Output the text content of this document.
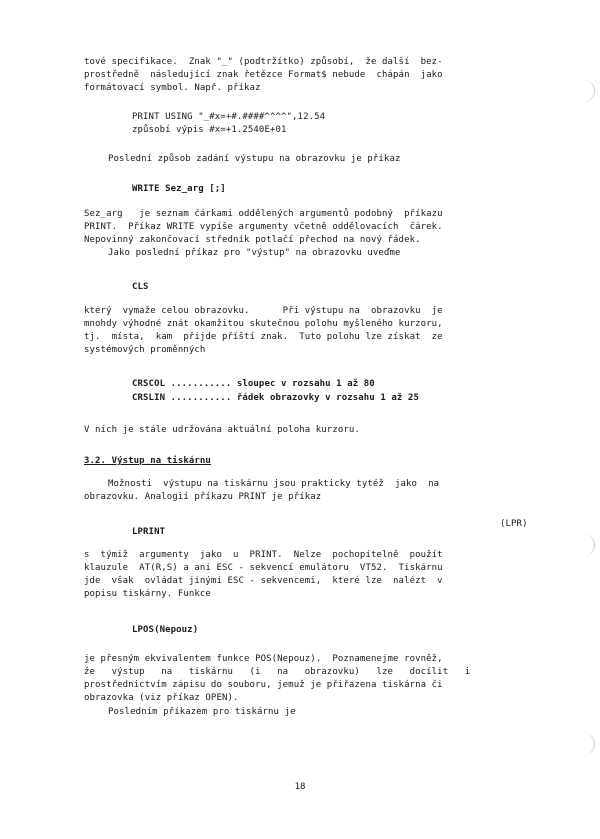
tové specifikace.  Znak "_" (podtržítko) způsobí,  že další  bez-
prostředně  následující znak řetězce Format$ nebude  chápán  jako
formátovací symbol. Např. příkaz
PRINT USING "_#x=+#.####^^^^",12.54
způsobí výpis #x=+1.2540E+01
Poslední způsob zadání výstupu na obrazovku je příkaz
WRITE Sez_arg [;]
Sez_arg   je seznam čárkami oddělených argumentů podobný  příkazu
PRINT.  Příkaz WRITE vypíše argumenty včetně oddělovacích  čárek.
Nepovinný zakončovací středník potlačí přechod na nový řádek.
Jako poslední příkaz pro "výstup" na obrazovku uveďme
CLS
který  vymaže celou obrazovku.      Při výstupu na  obrazovku  je
mnohdy výhodné znát okamžitou skutečnou polohu myšleného kurzoru,
tj.  místa,  kam  přijde příští znak.  Tuto polohu lze získat  ze
systémových proměnných
CRSCOL ........... sloupec v rozsahu 1 až 80
CRSLIN ........... řádek obrazovky v rozsahu 1 až 25
V nich je stále udržována aktuální poloha kurzoru.
3.2. Výstup na tiskárnu
Možnosti  výstupu na tiskárnu jsou prakticky tytéž  jako  na
obrazovku. Analogií příkazu PRINT je příkaz
LPRINT
(LPR)
s  týmiž  argumenty  jako  u  PRINT.  Nelze  pochopitelně  použít
klauzule  AT(R,S) a ani ESC - sekvencí emulátoru  VT52.  Tiskárnu
jde  však  ovládat jinými ESC - sekvencemi,  které lze  nalézt  v
popisu tiskárny. Funkce
LPOS(Nepouz)
je přesným ekvivalentem funkce POS(Nepouz).  Poznamenejme rovněž,
že   výstup   na   tiskárnu   (i   na   obrazovku)   lze   docílit   i
prostřednictvím zápisu do souboru, jemuž je přiřazena tiskárna či
obrazovka (viz příkaz OPEN).
Posledním příkazem pro tiskárnu je
18
